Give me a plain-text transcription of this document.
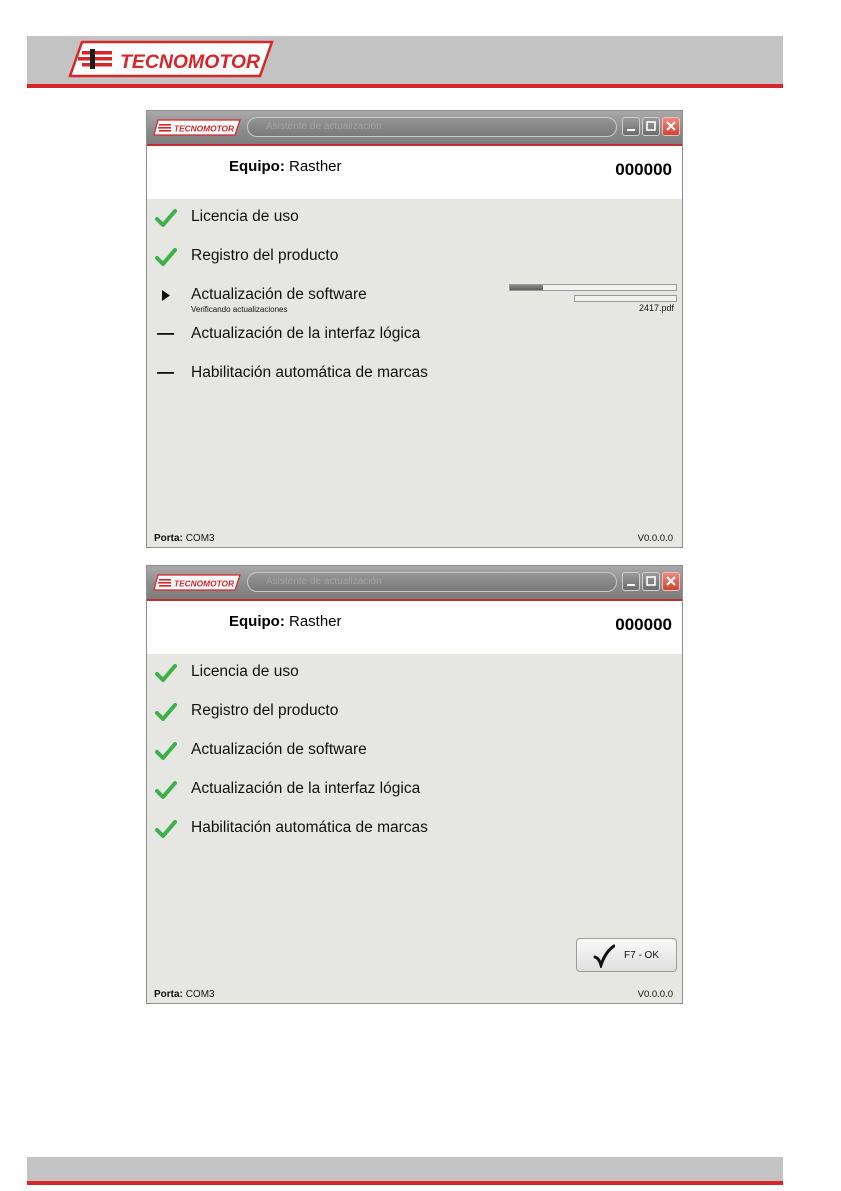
TECNOMOTOR
TECNOMOTOR	Asistente de actualización
Equipo: Rasther	000000
Licencia de uso
Registro del producto
Actualización de software
Verificando actualizaciones	2417.pdf
Actualización de la interfaz lógica
Habilitación automática de marcas
Porta: COM3	V0.0.0.0
TECNOMOTOR	Asistente de actualización
Equipo: Rasther	000000
Licencia de uso
Registro del producto
Actualización de software
Actualización de la interfaz lógica
Habilitación automática de marcas
F7 - OK
Porta: COM3	V0.0.0.0
